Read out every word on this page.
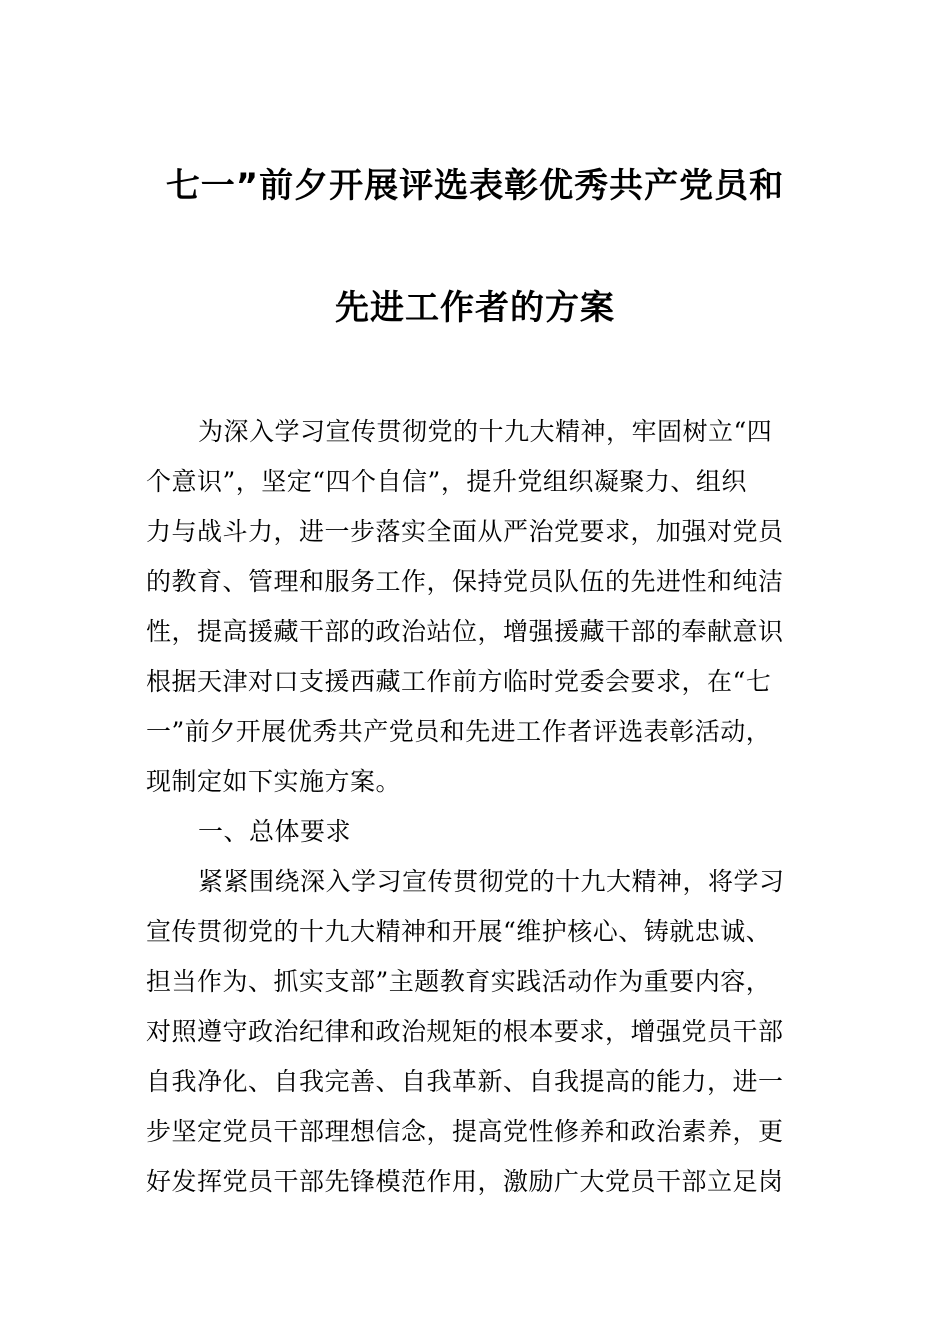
七一”前夕开展评选表彰优秀共产党员和
先进工作者的方案
为深入学习宣传贯彻党的十九大精神，牢固树立“四
个意识”，坚定“四个自信”，提升党组织凝聚力、组织
力与战斗力，进一步落实全面从严治党要求，加强对党员
的教育、管理和服务工作，保持党员队伍的先进性和纯洁
性，提高援藏干部的政治站位，增强援藏干部的奉献意识
根据天津对口支援西藏工作前方临时党委会要求，在“七
一”前夕开展优秀共产党员和先进工作者评选表彰活动，
现制定如下实施方案。
一、总体要求
紧紧围绕深入学习宣传贯彻党的十九大精神，将学习
宣传贯彻党的十九大精神和开展“维护核心、铸就忠诚、
担当作为、抓实支部”主题教育实践活动作为重要内容，
对照遵守政治纪律和政治规矩的根本要求，增强党员干部
自我净化、自我完善、自我革新、自我提高的能力，进一
步坚定党员干部理想信念，提高党性修养和政治素养，更
好发挥党员干部先锋模范作用，激励广大党员干部立足岗
